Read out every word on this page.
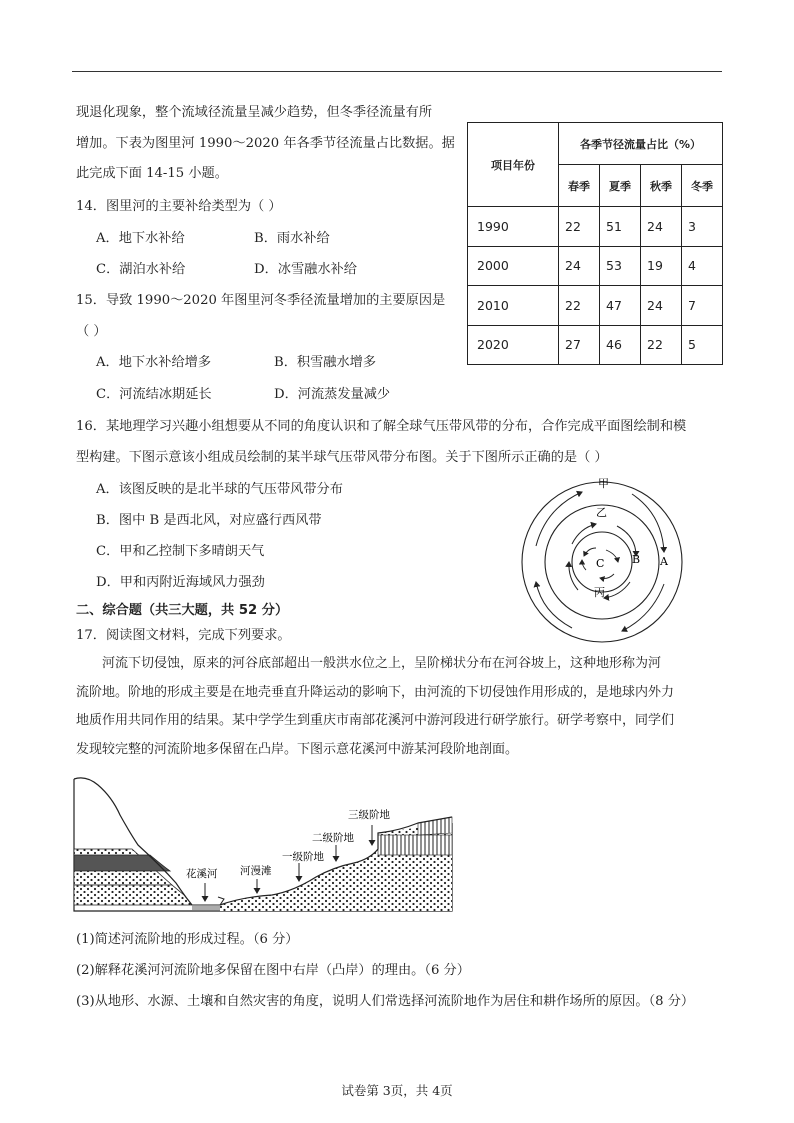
现退化现象，整个流域径流量呈减少趋势，但冬季径流量有所
增加。下表为图里河 1990～2020 年各季节径流量占比数据。据
此完成下面 14-15 小题。
项目年份	各季节径流量占比（%）			
	春季	夏季	秋季	冬季
1990	22	51	24	3
2000	24	53	19	4
2010	22	47	24	7
2020	27	46	22	5
14．图里河的主要补给类型为（ ）
A．地下水补给	B．雨水补给
C．湖泊水补给	D．冰雪融水补给
15．导致 1990～2020 年图里河冬季径流量增加的主要原因是
（ ）
A．地下水补给增多	B．积雪融水增多
C．河流结冰期延长	D．河流蒸发量减少
16．某地理学习兴趣小组想要从不同的角度认识和了解全球气压带风带的分布，合作完成平面图绘制和模
型构建。下图示意该小组成员绘制的某半球气压带风带分布图。关于下图所示正确的是（ ）
A．该图反映的是北半球的气压带风带分布
B．图中 B 是西北风，对应盛行西风带
C．甲和乙控制下多晴朗天气
D．甲和丙附近海域风力强劲
甲
乙
丙
C	B A
二、综合题（共三大题，共 52 分）
17．阅读图文材料，完成下列要求。
河流下切侵蚀，原来的河谷底部超出一般洪水位之上，呈阶梯状分布在河谷坡上，这种地形称为河
流阶地。阶地的形成主要是在地壳垂直升降运动的影响下，由河流的下切侵蚀作用形成的，是地球内外力
地质作用共同作用的结果。某中学学生到重庆市南部花溪河中游河段进行研学旅行。研学考察中，同学们
发现较完整的河流阶地多保留在凸岸。下图示意花溪河中游某河段阶地剖面。
花溪河 河漫滩
一级阶地
二级阶地
三级阶地
(1)简述河流阶地的形成过程。（6 分）
(2)解释花溪河河流阶地多保留在图中右岸（凸岸）的理由。（6 分）
(3)从地形、水源、土壤和自然灾害的角度，说明人们常选择河流阶地作为居住和耕作场所的原因。（8 分）
试卷第 3页，共 4页
